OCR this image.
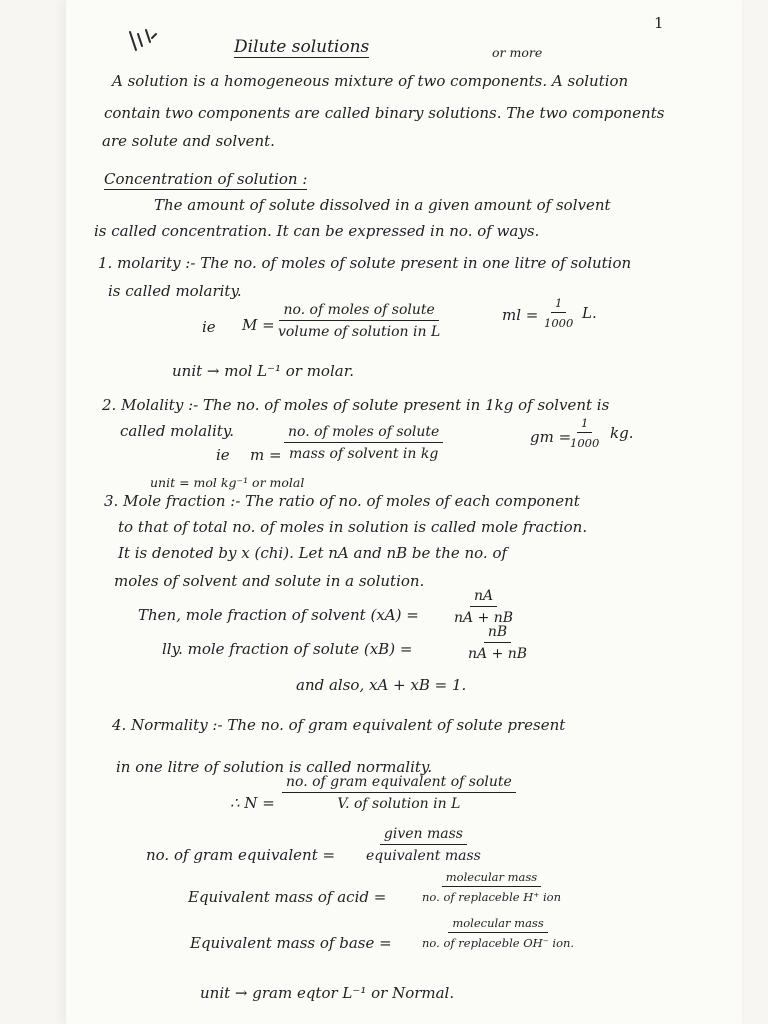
1
Dilute solutions	or more
A solution is a homogeneous mixture of two components. A solution
contain two components are called binary solutions. The two components
are solute and solvent.
Concentration of solution :
The amount of solute dissolved in a given amount of solvent
is called concentration. It can be expressed in no. of ways.
1. molarity :- The no. of moles of solute present in one litre of solution
is called molarity.
ie M =
no. of moles of solute
volume of solution in L
ml = $\frac{1}{1000} L$.
unit → mol L⁻¹ or molar.
2. Molality :- The no. of moles of solute present in 1kg of solvent is
called molality.
ie m =
no. of moles of solute
mass of solvent in kg
gm =
$\frac{1}{1000}$ kg.
unit = mol kg⁻¹ or molal
3. Mole fraction :- The ratio of no. of moles of each component
to that of total no. of moles in solution is called mole fraction.
It is denoted by x (chi). Let nA and nB be the no. of
moles of solvent and solute in a solution.
Then, mole fraction of solvent $(xA) = \frac{nA}{nA + nB}$
lly. mole fraction of solute (xB) =	$\frac{nB}{nA + nB}$
and also, xA + xB = 1.
4. Normality :- The no. of gram equivalent of solute present
in one litre of solution is called normality.
∴ N =
no. of gram equivalent of solute
V. of solution in L
no. of gram equivalent =
given mass
equivalent mass
Equivalent mass of acid =
molecular mass
no. of replaceble H⁺ ion
Equivalent mass of base =
molecular mass
no. of replaceble OH⁻ ion.
unit → gram eqtor L⁻¹ or Normal.
